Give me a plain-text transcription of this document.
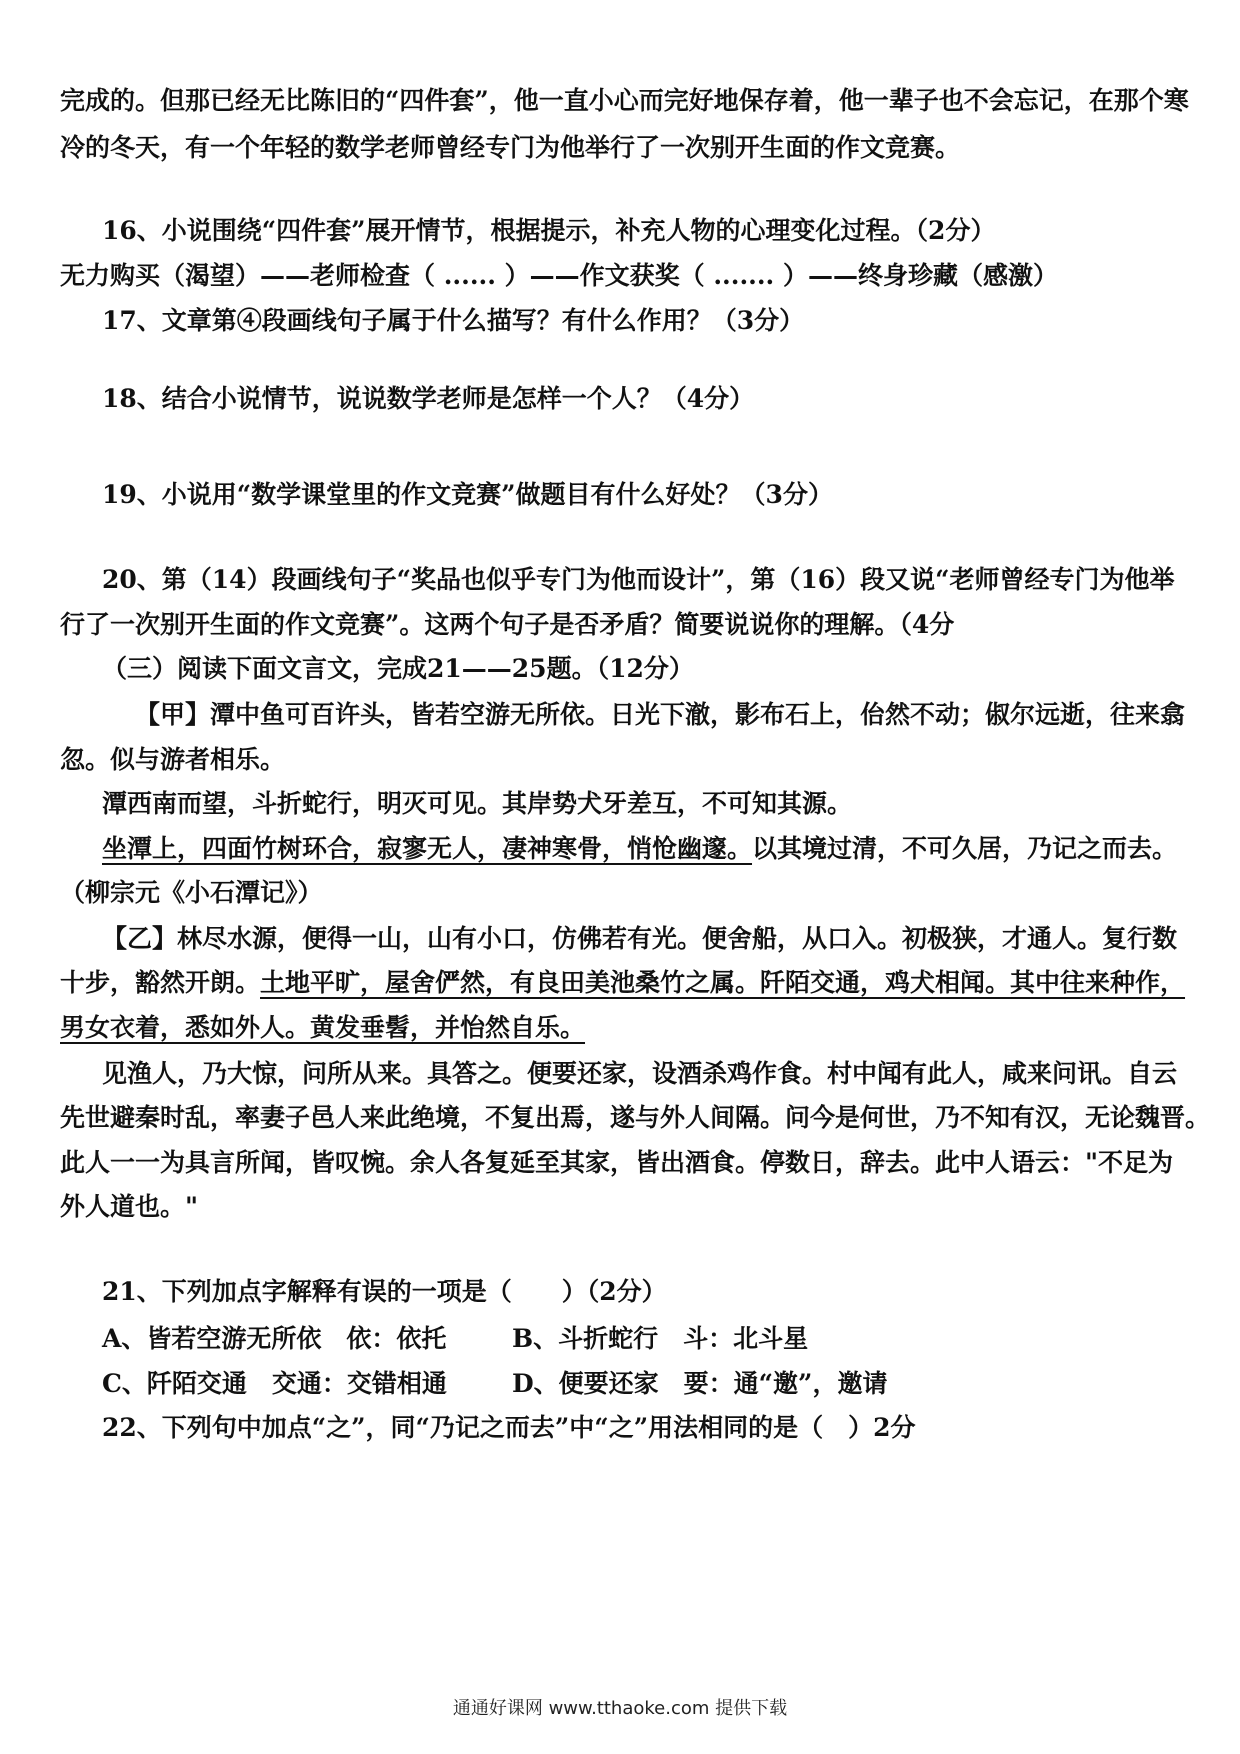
完成的。但那已经无比陈旧的“四件套”，他一直小心而完好地保存着，他一辈子也不会忘记，在那个寒
冷的冬天，有一个年轻的数学老师曾经专门为他举行了一次别开生面的作文竞赛。
16、小说围绕“四件套”展开情节，根据提示，补充人物的心理变化过程。（2分）
无力购买（渴望）——老师检查（ ...... ）——作文获奖（ ....... ）——终身珍藏（感激）
17、文章第④段画线句子属于什么描写？有什么作用？（3分）
18、结合小说情节，说说数学老师是怎样一个人？（4分）
19、小说用“数学课堂里的作文竞赛”做题目有什么好处？（3分）
20、第（14）段画线句子“奖品也似乎专门为他而设计”，第（16）段又说“老师曾经专门为他举
行了一次别开生面的作文竞赛”。这两个句子是否矛盾？简要说说你的理解。（4分
（三）阅读下面文言文，完成21——25题。（12分）
【甲】潭中鱼可百许头，皆若空游无所依。日光下澈，影布石上，佁然不动；俶尔远逝，往来翕
忽。似与游者相乐。
潭西南而望，斗折蛇行，明灭可见。其岸势犬牙差互，不可知其源。
坐潭上，四面竹树环合，寂寥无人，凄神寒骨，悄怆幽邃。以其境过清，不可久居，乃记之而去。
（柳宗元《小石潭记》）
【乙】林尽水源，便得一山，山有小口，仿佛若有光。便舍船，从口入。初极狭，才通人。复行数
十步，豁然开朗。土地平旷，屋舍俨然，有良田美池桑竹之属。阡陌交通，鸡犬相闻。其中往来种作，
男女衣着，悉如外人。黄发垂髫，并怡然自乐。
见渔人，乃大惊，问所从来。具答之。便要还家，设酒杀鸡作食。村中闻有此人，咸来问讯。自云
先世避秦时乱，率妻子邑人来此绝境，不复出焉，遂与外人间隔。问今是何世，乃不知有汉，无论魏晋。
此人一一为具言所闻，皆叹惋。余人各复延至其家，皆出酒食。停数日，辞去。此中人语云："不足为
外人道也。"
21、下列加点字解释有误的一项是（　　）（2分）
A、皆若空游无所依　依：依托	B、斗折蛇行　斗：北斗星
C、阡陌交通　交通：交错相通	D、便要还家　要：通“邀”，邀请
22、下列句中加点“之”，同“乃记之而去”中“之”用法相同的是（　）2分
通通好课网 www.tthaoke.com 提供下载
